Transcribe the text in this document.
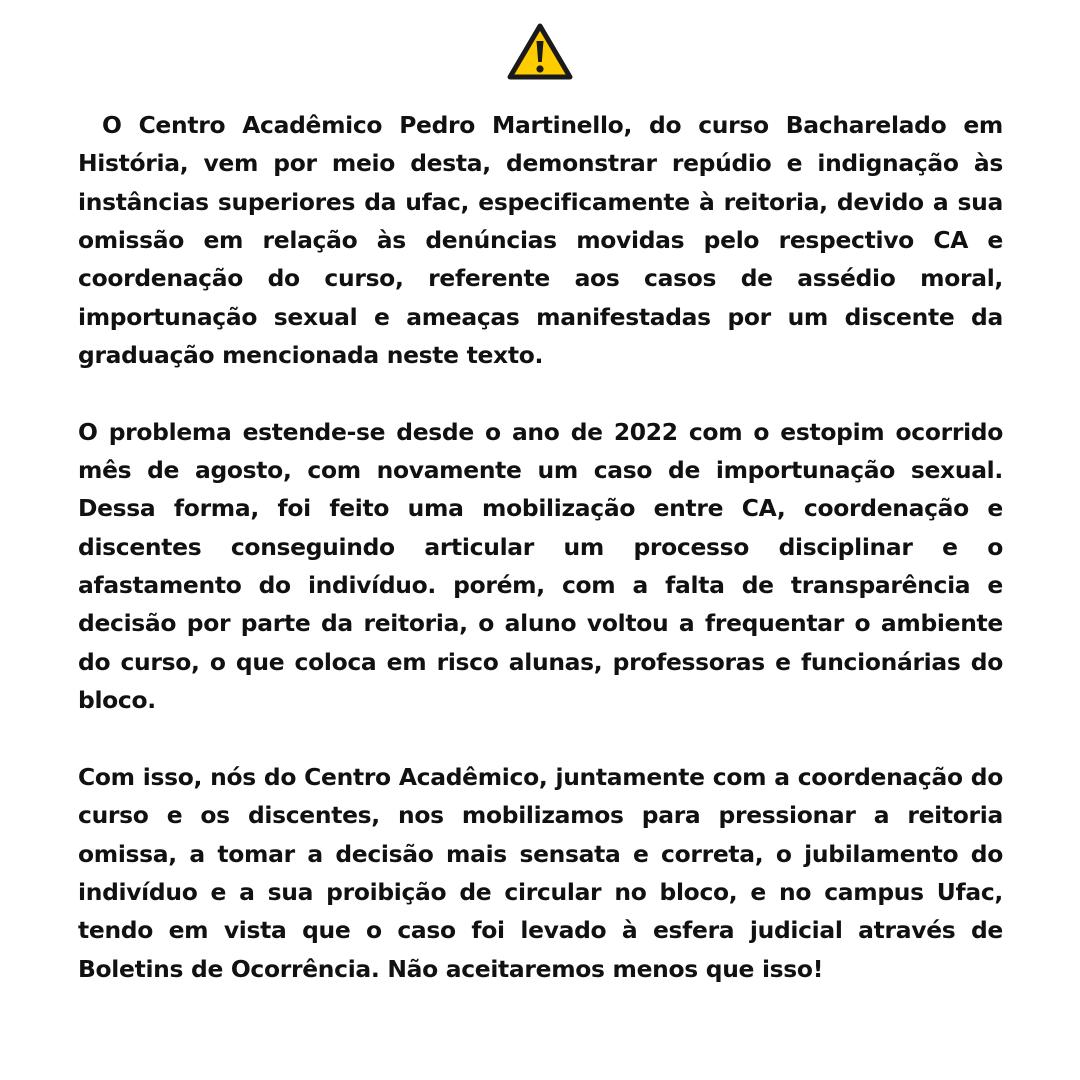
O Centro Acadêmico Pedro Martinello, do curso Bacharelado em História, vem por meio desta, demonstrar repúdio e indignação às instâncias superiores da ufac, especificamente à reitoria, devido a sua omissão em relação às denúncias movidas pelo respectivo CA e coordenação do curso, referente aos casos de assédio moral, importunação sexual e ameaças manifestadas por um discente da graduação mencionada neste texto.

O problema estende-se desde o ano de 2022 com o estopim ocorrido mês de agosto, com novamente um caso de importunação sexual. Dessa forma, foi feito uma mobilização entre CA, coordenação e discentes conseguindo articular um processo disciplinar e o afastamento do indivíduo. porém, com a falta de transparência e decisão por parte da reitoria, o aluno voltou a frequentar o ambiente do curso, o que coloca em risco alunas, professoras e funcionárias do bloco.

Com isso, nós do Centro Acadêmico, juntamente com a coordenação do curso e os discentes, nos mobilizamos para pressionar a reitoria omissa, a tomar a decisão mais sensata e correta, o jubilamento do indivíduo e a sua proibição de circular no bloco, e no campus Ufac, tendo em vista que o caso foi levado à esfera judicial através de Boletins de Ocorrência. Não aceitaremos menos que isso!
